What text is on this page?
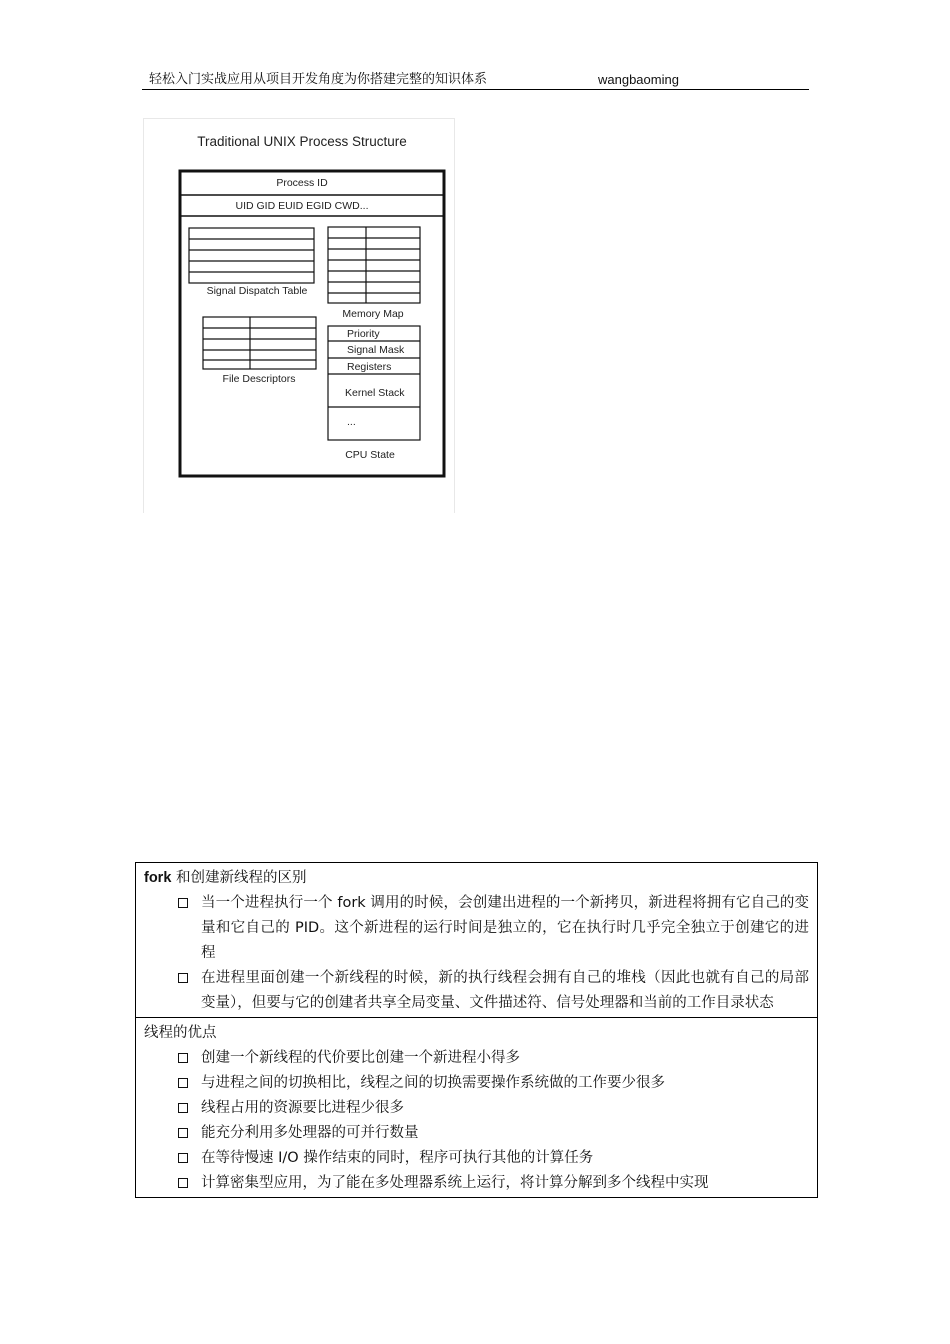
轻松入门实战应用从项目开发角度为你搭建完整的知识体系	wangbaoming
Traditional UNIX Process Structure
Process ID
UID GID EUID EGID CWD...
Signal Dispatch Table
Memory Map
File Descriptors
Priority
Signal Mask
Registers
Kernel Stack
...
CPU State
fork 和创建新线程的区别
当一个进程执行一个 fork 调用的时候，会创建出进程的一个新拷贝，新进程将拥有它自己的变量和它自己的 PID。这个新进程的运行时间是独立的，它在执行时几乎完全独立于创建它的进程
在进程里面创建一个新线程的时候，新的执行线程会拥有自己的堆栈（因此也就有自己的局部变量），但要与它的创建者共享全局变量、文件描述符、信号处理器和当前的工作目录状态
线程的优点
创建一个新线程的代价要比创建一个新进程小得多
与进程之间的切换相比，线程之间的切换需要操作系统做的工作要少很多
线程占用的资源要比进程少很多
能充分利用多处理器的可并行数量
在等待慢速 I/O 操作结束的同时，程序可执行其他的计算任务
计算密集型应用，为了能在多处理器系统上运行，将计算分解到多个线程中实现
